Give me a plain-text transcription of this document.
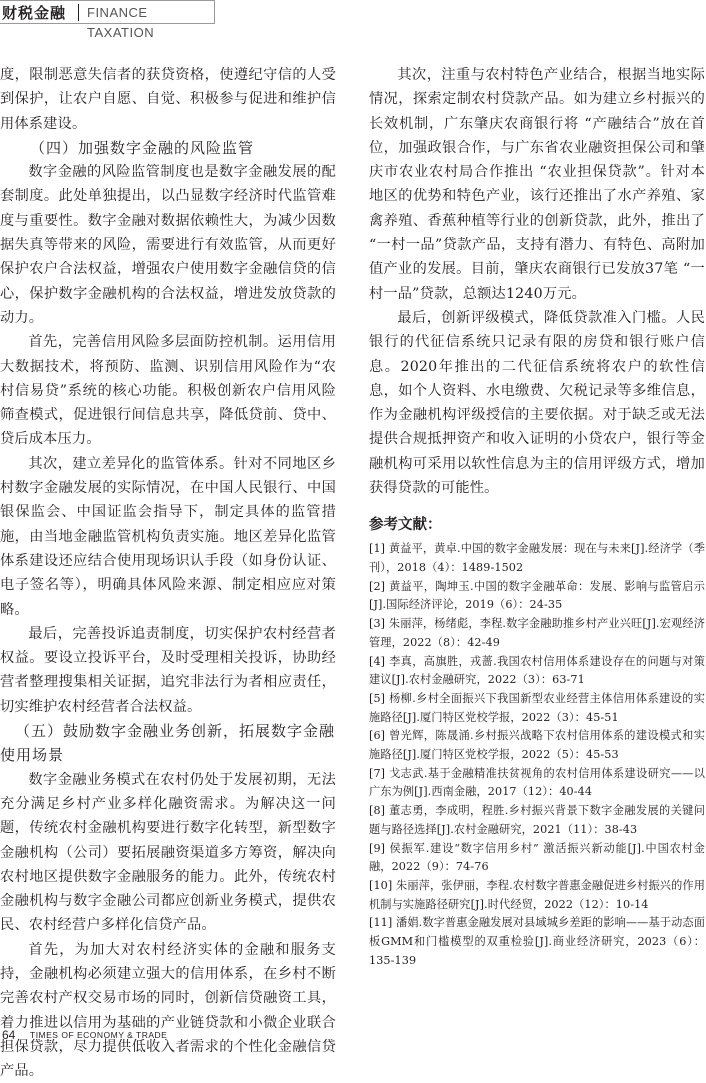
财税金融 FINANCE TAXATION

度，限制恶意失信者的获贷资格，使遵纪守信的人受到保护，让农户自愿、自觉、积极参与促进和维护信用体系建设。

（四）加强数字金融的风险监管

数字金融的风险监管制度也是数字金融发展的配套制度。此处单独提出，以凸显数字经济时代监管难度与重要性。数字金融对数据依赖性大，为减少因数据失真等带来的风险，需要进行有效监管，从而更好保护农户合法权益，增强农户使用数字金融信贷的信心，保护数字金融机构的合法权益，增进发放贷款的动力。

首先，完善信用风险多层面防控机制。运用信用大数据技术，将预防、监测、识别信用风险作为“农村信易贷”系统的核心功能。积极创新农户信用风险筛查模式，促进银行间信息共享，降低贷前、贷中、贷后成本压力。

其次，建立差异化的监管体系。针对不同地区乡村数字金融发展的实际情况，在中国人民银行、中国银保监会、中国证监会指导下，制定具体的监管措施，由当地金融监管机构负责实施。地区差异化监管体系建设还应结合使用现场识认手段（如身份认证、电子签名等），明确具体风险来源、制定相应应对策略。

最后，完善投诉追责制度，切实保护农村经营者权益。要设立投诉平台，及时受理相关投诉，协助经营者整理搜集相关证据，追究非法行为者相应责任，切实维护农村经营者合法权益。

（五）鼓励数字金融业务创新，拓展数字金融使用场景

数字金融业务模式在农村仍处于发展初期，无法充分满足乡村产业多样化融资需求。为解决这一问题，传统农村金融机构要进行数字化转型，新型数字金融机构（公司）要拓展融资渠道多方筹资，解决向农村地区提供数字金融服务的能力。此外，传统农村金融机构与数字金融公司都应创新业务模式，提供农民、农村经营户多样化信贷产品。

首先，为加大对农村经济实体的金融和服务支持，金融机构必须建立强大的信用体系，在乡村不断完善农村产权交易市场的同时，创新信贷融资工具，着力推进以信用为基础的产业链贷款和小微企业联合担保贷款，尽力提供低收入者需求的个性化金融信贷产品。

其次，注重与农村特色产业结合，根据当地实际情况，探索定制农村贷款产品。如为建立乡村振兴的长效机制，广东肇庆农商银行将 “产融结合”放在首位，加强政银合作，与广东省农业融资担保公司和肇庆市农业农村局合作推出 “农业担保贷款”。针对本地区的优势和特色产业，该行还推出了水产养殖、家禽养殖、香蕉种植等行业的创新贷款，此外，推出了 “一村一品”贷款产品，支持有潜力、有特色、高附加值产业的发展。目前，肇庆农商银行已发放37笔 “一村一品”贷款，总额达1240万元。

最后，创新评级模式，降低贷款准入门槛。人民银行的代征信系统只记录有限的房贷和银行账户信息。2020年推出的二代征信系统将农户的软性信息，如个人资料、水电缴费、欠税记录等多维信息，作为金融机构评级授信的主要依据。对于缺乏或无法提供合规抵押资产和收入证明的小贷农户，银行等金融机构可采用以软性信息为主的信用评级方式，增加获得贷款的可能性。

参考文献：

[1] 黄益平，黄卓.中国的数字金融发展：现在与未来[J].经济学（季刊），2018（4）：1489-1502

[2] 黄益平，陶坤玉.中国的数字金融革命：发展、影响与监管启示[J].国际经济评论，2019（6）：24-35

[3] 朱丽萍，杨绪彪，李程.数字金融助推乡村产业兴旺[J].宏观经济管理，2022（8）：42-49

[4] 李真，高旗胜，戎蔷.我国农村信用体系建设存在的问题与对策建议[J].农村金融研究，2022（3）：63-71

[5] 杨柳.乡村全面振兴下我国新型农业经营主体信用体系建设的实施路径[J].厦门特区党校学报，2022（3）：45-51

[6] 曾光辉，陈晟涌.乡村振兴战略下农村信用体系的建设模式和实施路径[J].厦门特区党校学报，2022（5）：45-53

[7] 戈志武.基于金融精准扶贫视角的农村信用体系建设研究——以广东为例[J].西南金融，2017（12）：40-44

[8] 董志勇，李成明，程胜.乡村振兴背景下数字金融发展的关键问题与路径选择[J].农村金融研究，2021（11）：38-43

[9] 侯振军.建设“数字信用乡村” 激活振兴新动能[J].中国农村金融，2022（9）：74-76

[10] 朱丽萍，张伊丽，李程.农村数字普惠金融促进乡村振兴的作用机制与实施路径研究[J].时代经贸，2022（12）：10-14

[11] 潘娟.数字普惠金融发展对县域城乡差距的影响——基于动态面板GMM和门槛模型的双重检验[J].商业经济研究，2023（6）：135-139

64 TIMES OF ECONOMY & TRADE
